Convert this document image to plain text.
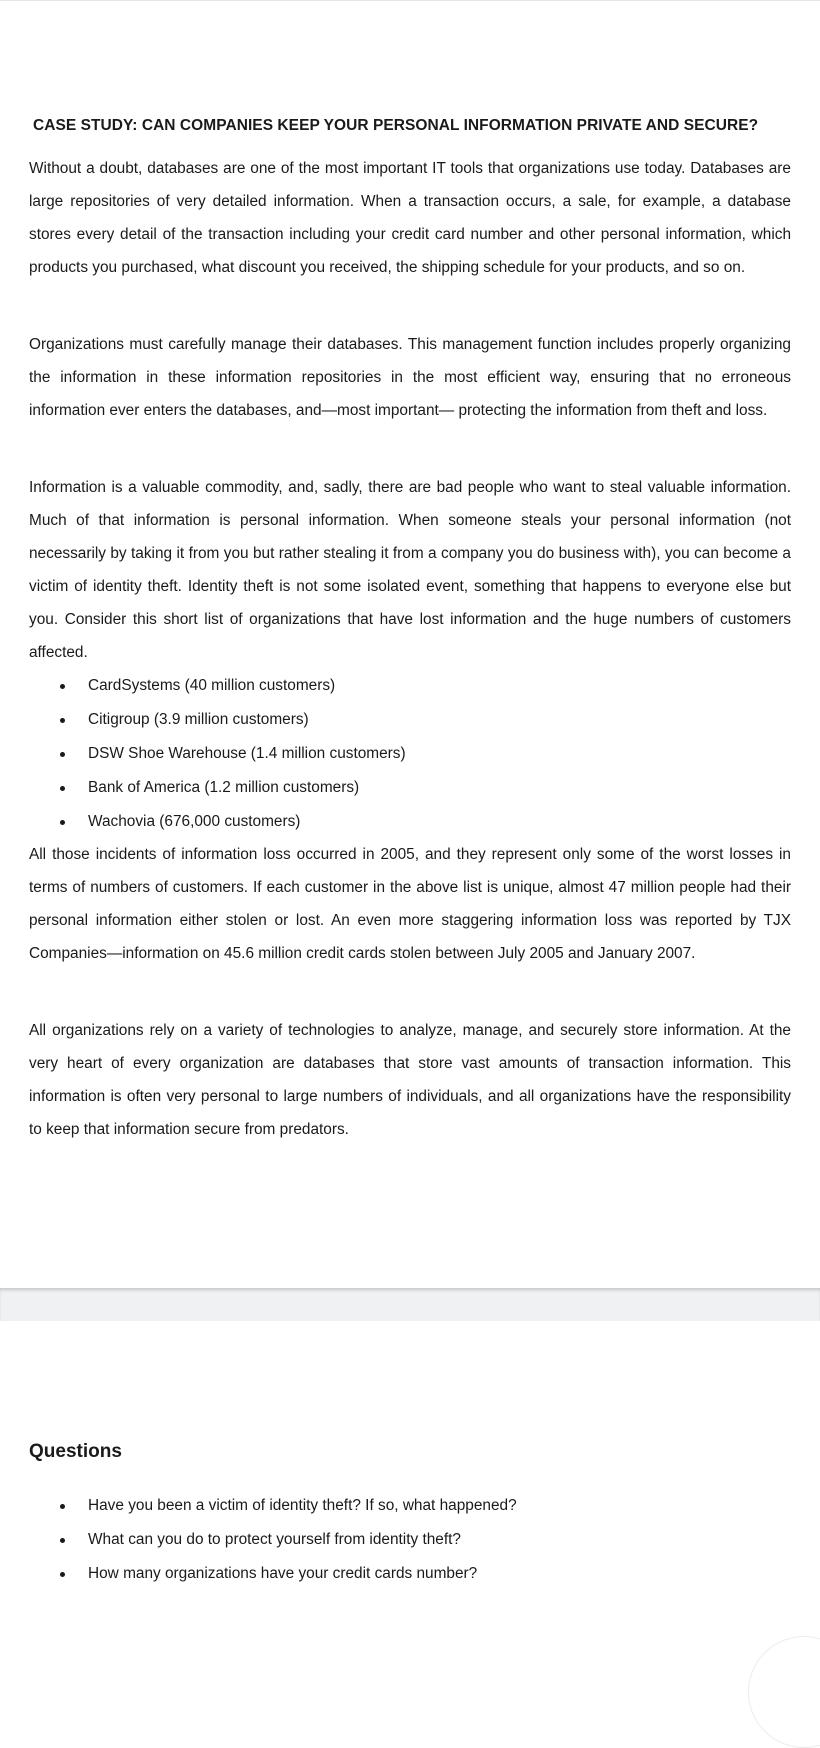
CASE STUDY: CAN COMPANIES KEEP YOUR PERSONAL INFORMATION PRIVATE AND SECURE?

Without a doubt, databases are one of the most important IT tools that organizations use today. Databases are large repositories of very detailed information. When a transaction occurs, a sale, for example, a database stores every detail of the transaction including your credit card number and other personal information, which products you purchased, what discount you received, the shipping schedule for your products, and so on.

Organizations must carefully manage their databases. This management function includes properly organizing the information in these information repositories in the most efficient way, ensuring that no erroneous information ever enters the databases, and—most important— protecting the information from theft and loss.

Information is a valuable commodity, and, sadly, there are bad people who want to steal valuable information. Much of that information is personal information. When someone steals your personal information (not necessarily by taking it from you but rather stealing it from a company you do business with), you can become a victim of identity theft. Identity theft is not some isolated event, something that happens to everyone else but you. Consider this short list of organizations that have lost information and the huge numbers of customers affected.

CardSystems (40 million customers)
Citigroup (3.9 million customers)
DSW Shoe Warehouse (1.4 million customers)
Bank of America (1.2 million customers)
Wachovia (676,000 customers)

All those incidents of information loss occurred in 2005, and they represent only some of the worst losses in terms of numbers of customers. If each customer in the above list is unique, almost 47 million people had their personal information either stolen or lost. An even more staggering information loss was reported by TJX Companies—information on 45.6 million credit cards stolen between July 2005 and January 2007.

All organizations rely on a variety of technologies to analyze, manage, and securely store information. At the very heart of every organization are databases that store vast amounts of transaction information. This information is often very personal to large numbers of individuals, and all organizations have the responsibility to keep that information secure from predators.

Questions
Have you been a victim of identity theft? If so, what happened?
What can you do to protect yourself from identity theft?
How many organizations have your credit cards number?
